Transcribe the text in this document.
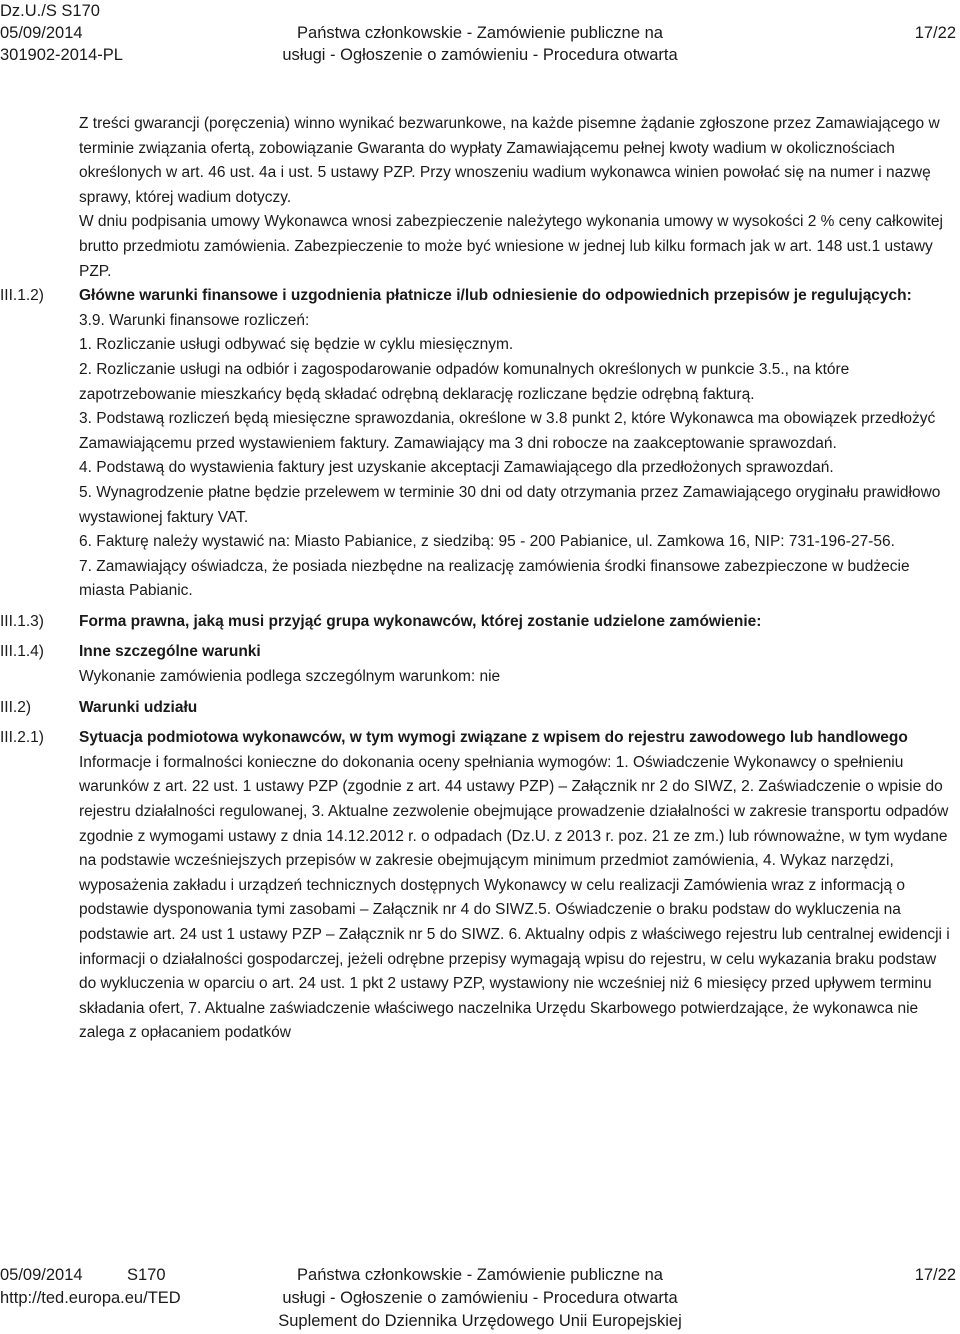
Dz.U./S S170
05/09/2014
301902-2014-PL
Państwa członkowskie - Zamówienie publiczne na
usługi - Ogłoszenie o zamówieniu - Procedura otwarta
17/22

Z treści gwarancji (poręczenia) winno wynikać bezwarunkowe, na każde pisemne żądanie zgłoszone przez Zamawiającego w terminie związania ofertą, zobowiązanie Gwaranta do wypłaty Zamawiającemu pełnej kwoty wadium w okolicznościach określonych w art. 46 ust. 4a i ust. 5 ustawy PZP. Przy wnoszeniu wadium wykonawca winien powołać się na numer i nazwę sprawy, której wadium dotyczy.

W dniu podpisania umowy Wykonawca wnosi zabezpieczenie należytego wykonania umowy w wysokości 2 % ceny całkowitej brutto przedmiotu zamówienia. Zabezpieczenie to może być wniesione w jednej lub kilku formach jak w art. 148 ust.1 ustawy PZP.

Główne warunki finansowe i uzgodnienia płatnicze i/lub odniesienie do odpowiednich przepisów je regulujących:

3.9. Warunki finansowe rozliczeń:

1. Rozliczanie usługi odbywać się będzie w cyklu miesięcznym.

2. Rozliczanie usługi na odbiór i zagospodarowanie odpadów komunalnych określonych w punkcie 3.5., na które zapotrzebowanie mieszkańcy będą składać odrębną deklarację rozliczane będzie odrębną fakturą.

3. Podstawą rozliczeń będą miesięczne sprawozdania, określone w 3.8 punkt 2, które Wykonawca ma obowiązek przedłożyć Zamawiającemu przed wystawieniem faktury. Zamawiający ma 3 dni robocze na zaakceptowanie sprawozdań.

4. Podstawą do wystawienia faktury jest uzyskanie akceptacji Zamawiającego dla przedłożonych sprawozdań.

5. Wynagrodzenie płatne będzie przelewem w terminie 30 dni od daty otrzymania przez Zamawiającego oryginału prawidłowo wystawionej faktury VAT.

6. Fakturę należy wystawić na: Miasto Pabianice, z siedzibą: 95 - 200 Pabianice, ul. Zamkowa 16, NIP: 731-196-27-56.

7. Zamawiający oświadcza, że posiada niezbędne na realizację zamówienia środki finansowe zabezpieczone w budżecie miasta Pabianic.

III.1.2)

Forma prawna, jaką musi przyjąć grupa wykonawców, której zostanie udzielone zamówienie:

III.1.3)

Inne szczególne warunki

Wykonanie zamówienia podlega szczególnym warunkom: nie

III.1.4)

Warunki udziału

III.2)

Sytuacja podmiotowa wykonawców, w tym wymogi związane z wpisem do rejestru zawodowego lub handlowego

Informacje i formalności konieczne do dokonania oceny spełniania wymogów: 1. Oświadczenie Wykonawcy o spełnieniu warunków z art. 22 ust. 1 ustawy PZP (zgodnie z art. 44 ustawy PZP) – Załącznik nr 2 do SIWZ, 2. Zaświadczenie o wpisie do rejestru działalności regulowanej, 3. Aktualne zezwolenie obejmujące prowadzenie działalności w zakresie transportu odpadów zgodnie z wymogami ustawy z dnia 14.12.2012 r. o odpadach (Dz.U. z 2013 r. poz. 21 ze zm.) lub równoważne, w tym wydane na podstawie wcześniejszych przepisów w zakresie obejmującym minimum przedmiot zamówienia, 4. Wykaz narzędzi, wyposażenia zakładu i urządzeń technicznych dostępnych Wykonawcy w celu realizacji Zamówienia wraz z informacją o podstawie dysponowania tymi zasobami – Załącznik nr 4 do SIWZ.5. Oświadczenie o braku podstaw do wykluczenia na podstawie art. 24 ust 1 ustawy PZP – Załącznik nr 5 do SIWZ. 6. Aktualny odpis z właściwego rejestru lub centralnej ewidencji i informacji o działalności gospodarczej, jeżeli odrębne przepisy wymagają wpisu do rejestru, w celu wykazania braku podstaw do wykluczenia w oparciu o art. 24 ust. 1 pkt 2 ustawy PZP, wystawiony nie wcześniej niż 6 miesięcy przed upływem terminu składania ofert, 7. Aktualne zaświadczenie właściwego naczelnika Urzędu Skarbowego potwierdzające, że wykonawca nie zalega z opłacaniem podatków

III.2.1)
05/09/2014	S170
http://ted.europa.eu/TED
Państwa członkowskie - Zamówienie publiczne na
usługi - Ogłoszenie o zamówieniu - Procedura otwarta
Suplement do Dziennika Urzędowego Unii Europejskiej
17/22
